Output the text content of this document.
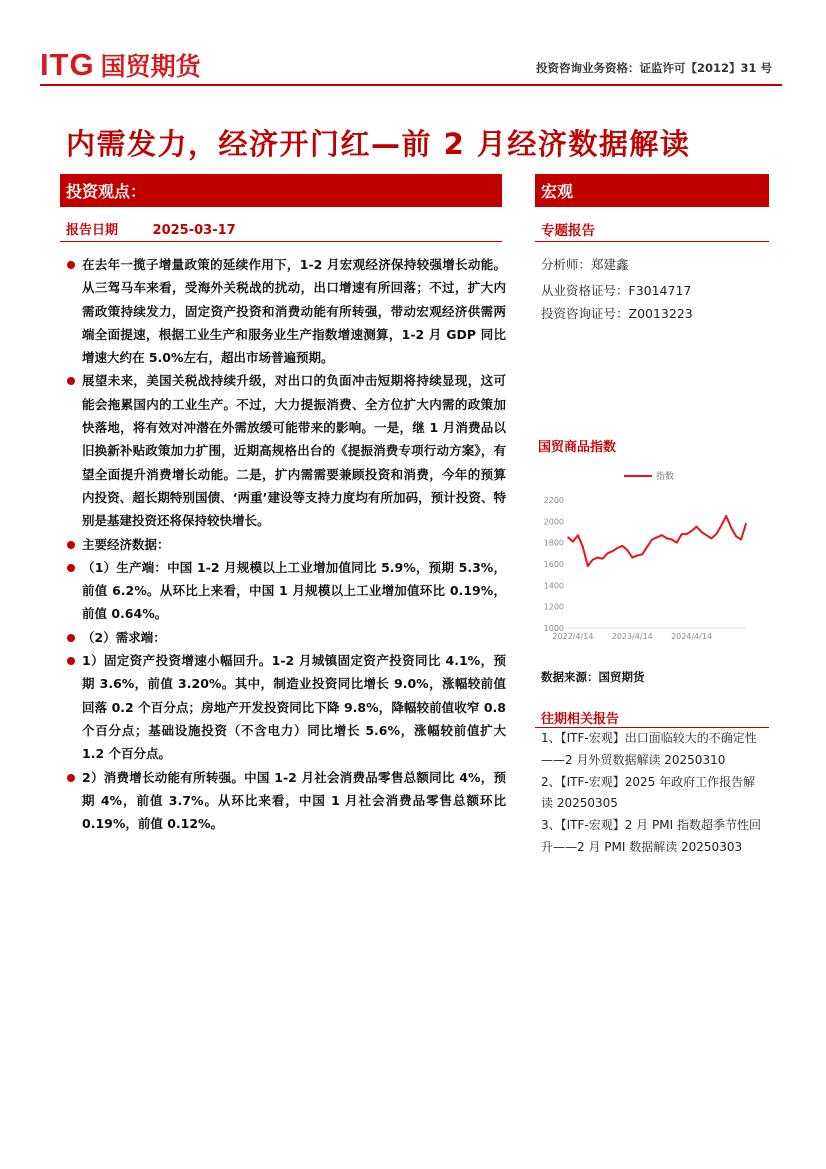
ITG 国贸期货	投资咨询业务资格：证监许可【2012】31 号
内需发力，经济开门红—前 2 月经济数据解读
投资观点：	宏观
报告日期	2025-03-17	专题报告
分析师：郑建鑫
从业资格证号：F3014717
投资咨询证号：Z0013223
在去年一揽子增量政策的延续作用下，1-2 月宏观经济保持较强增长动能。从三驾马车来看，受海外关税战的扰动，出口增速有所回落；不过，扩大内需政策持续发力，固定资产投资和消费动能有所转强，带动宏观经济供需两端全面提速，根据工业生产和服务业生产指数增速测算，1-2 月 GDP 同比增速大约在 5.0%左右，超出市场普遍预期。
展望未来，美国关税战持续升级，对出口的负面冲击短期将持续显现，这可能会拖累国内的工业生产。不过，大力提振消费、全方位扩大内需的政策加快落地，将有效对冲潜在外需放缓可能带来的影响。一是，继 1 月消费品以旧换新补贴政策加力扩围，近期高规格出台的《提振消费专项行动方案》，有望全面提升消费增长动能。二是，扩内需需要兼顾投资和消费，今年的预算内投资、超长期特别国债、‘两重’建设等支持力度均有所加码，预计投资、特别是基建投资还将保持较快增长。
主要经济数据：
（1）生产端：中国 1-2 月规模以上工业增加值同比 5.9%，预期 5.3%，前值 6.2%。从环比上来看，中国 1 月规模以上工业增加值环比 0.19%，前值 0.64%。
（2）需求端：
1）固定资产投资增速小幅回升。1-2 月城镇固定资产投资同比 4.1%，预期 3.6%，前值 3.20%。其中，制造业投资同比增长 9.0%，涨幅较前值回落 0.2 个百分点；房地产开发投资同比下降 9.8%，降幅较前值收窄 0.8 个百分点；基础设施投资（不含电力）同比增长 5.6%，涨幅较前值扩大 1.2 个百分点。
2）消费增长动能有所转强。中国 1-2 月社会消费品零售总额同比 4%，预期 4%，前值 3.7%。从环比来看，中国 1 月社会消费品零售总额环比 0.19%，前值 0.12%。
国贸商品指数
1000
1200
1400
1600
1800
2000
2200
2022/4/14 2023/4/14 2024/4/14
指数
数据来源：国贸期货
往期相关报告
1、【ITF-宏观】出口面临较大的不确定性——2 月外贸数据解读 20250310
2、【ITF-宏观】2025 年政府工作报告解读 20250305
3、【ITF-宏观】2 月 PMI 指数超季节性回升——2 月 PMI 数据解读 20250303
